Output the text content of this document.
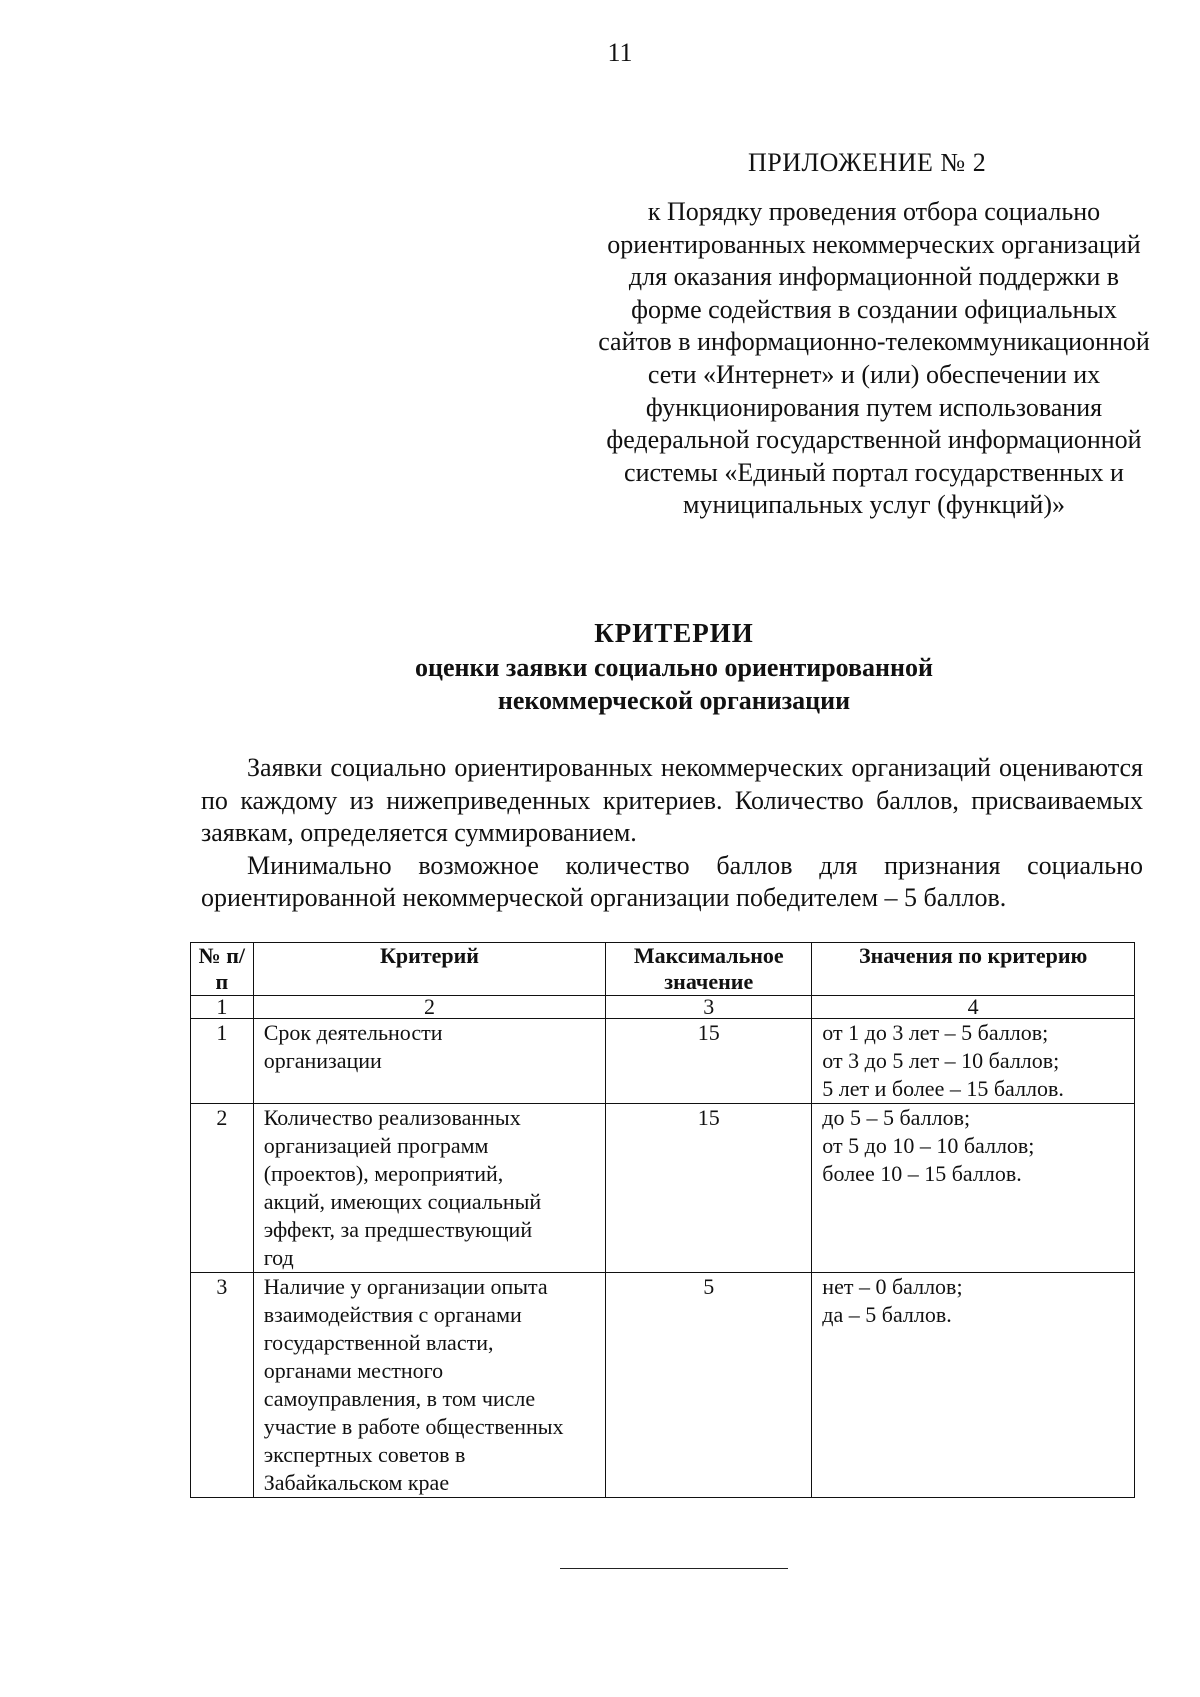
11
ПРИЛОЖЕНИЕ № 2
к Порядку проведения отбора социально ориентированных некоммерческих организаций для оказания информационной поддержки в форме содействия в создании официальных сайтов в информационно-телекоммуникационной сети «Интернет» и (или) обеспечении их функционирования путем использования федеральной государственной информационной системы «Единый портал государственных и муниципальных услуг (функций)»
КРИТЕРИИ
оценки заявки социально ориентированной некоммерческой организации

Заявки социально ориентированных некоммерческих организаций оцениваются по каждому из нижеприведенных критериев. Количество баллов, присваиваемых заявкам, определяется суммированием.

Минимально возможное количество баллов для признания социально ориентированной некоммерческой организации победителем – 5 баллов.

№ п/п	Критерий	Максимальное значение	Значения по критерию
1	2	3	4
1	Срок деятельности организации	15	от 1 до 3 лет – 5 баллов;
от 3 до 5 лет – 10 баллов;
5 лет и более – 15 баллов.

2	Количество реализованных организацией программ (проектов), мероприятий, акций, имеющих социальный эффект, за предшествующий год	15	до 5 – 5 баллов;
от 5 до 10 – 10 баллов;
более 10 – 15 баллов.

3	Наличие у организации опыта взаимодействия с органами государственной власти, органами местного самоуправления, в том числе участие в работе общественных экспертных советов в Забайкальском крае	5	нет – 0 баллов;
да – 5 баллов.
